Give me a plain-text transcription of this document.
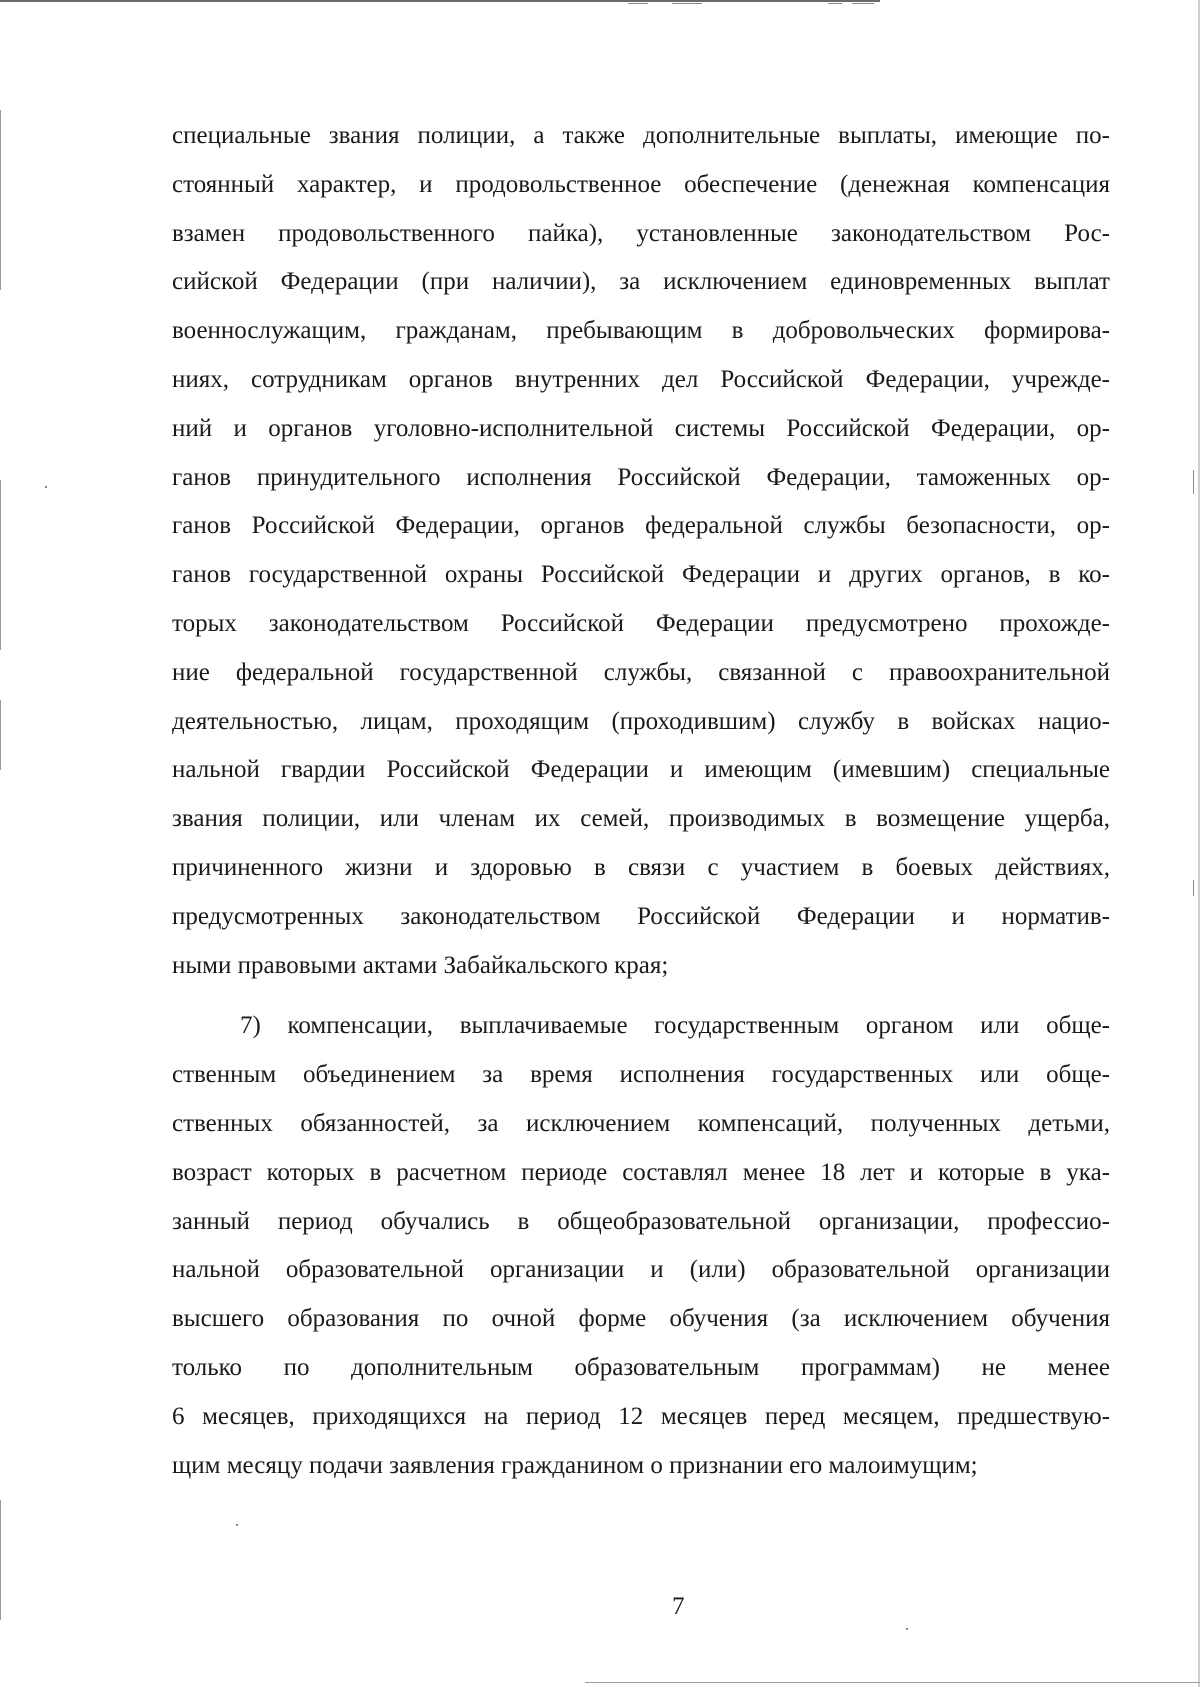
специальные звания полиции, а также дополнительные выплаты, имеющие по-
стоянный характер, и продовольственное обеспечение (денежная компенсация
взамен продовольственного пайка), установленные законодательством Рос-
сийской Федерации (при наличии), за исключением единовременных выплат
военнослужащим, гражданам, пребывающим в добровольческих формирова-
ниях, сотрудникам органов внутренних дел Российской Федерации, учрежде-
ний и органов уголовно-исполнительной системы Российской Федерации, ор-
ганов принудительного исполнения Российской Федерации, таможенных ор-
ганов Российской Федерации, органов федеральной службы безопасности, ор-
ганов государственной охраны Российской Федерации и других органов, в ко-
торых законодательством Российской Федерации предусмотрено прохожде-
ние федеральной государственной службы, связанной с правоохранительной
деятельностью, лицам, проходящим (проходившим) службу в войсках нацио-
нальной гвардии Российской Федерации и имеющим (имевшим) специальные
звания полиции, или членам их семей, производимых в возмещение ущерба,
причиненного жизни и здоровью в связи с участием в боевых действиях,
предусмотренных законодательством Российской Федерации и норматив-
ными правовыми актами Забайкальского края;
7) компенсации, выплачиваемые государственным органом или обще-
ственным объединением за время исполнения государственных или обще-
ственных обязанностей, за исключением компенсаций, полученных детьми,
возраст которых в расчетном периоде составлял менее 18 лет и которые в ука-
занный период обучались в общеобразовательной организации, профессио-
нальной образовательной организации и (или) образовательной организации
высшего образования по очной форме обучения (за исключением обучения
только по дополнительным образовательным программам) не менее
6 месяцев, приходящихся на период 12 месяцев перед месяцем, предшествую-
щим месяцу подачи заявления гражданином о признании его малоимущим;
7
